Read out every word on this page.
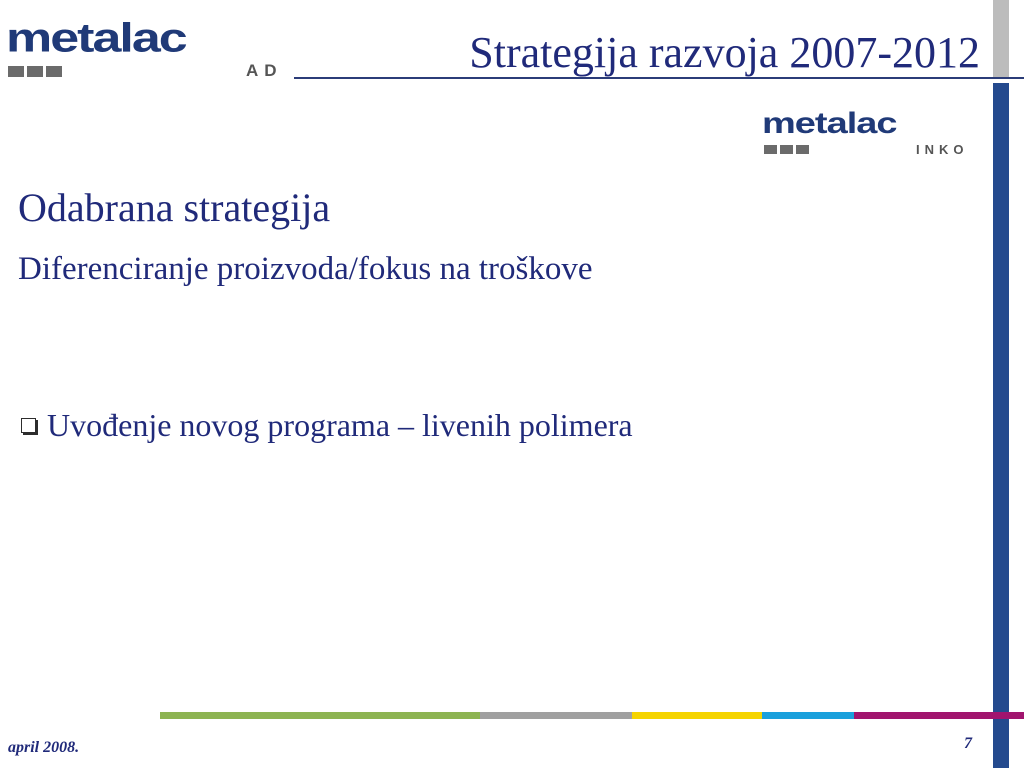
metalac
AD	Strategija razvoja 2007-2012
metalac
INKO
Odabrana strategija
Diferenciranje proizvoda/fokus na troškove
Uvođenje novog programa – livenih polimera
april 2008.	7
